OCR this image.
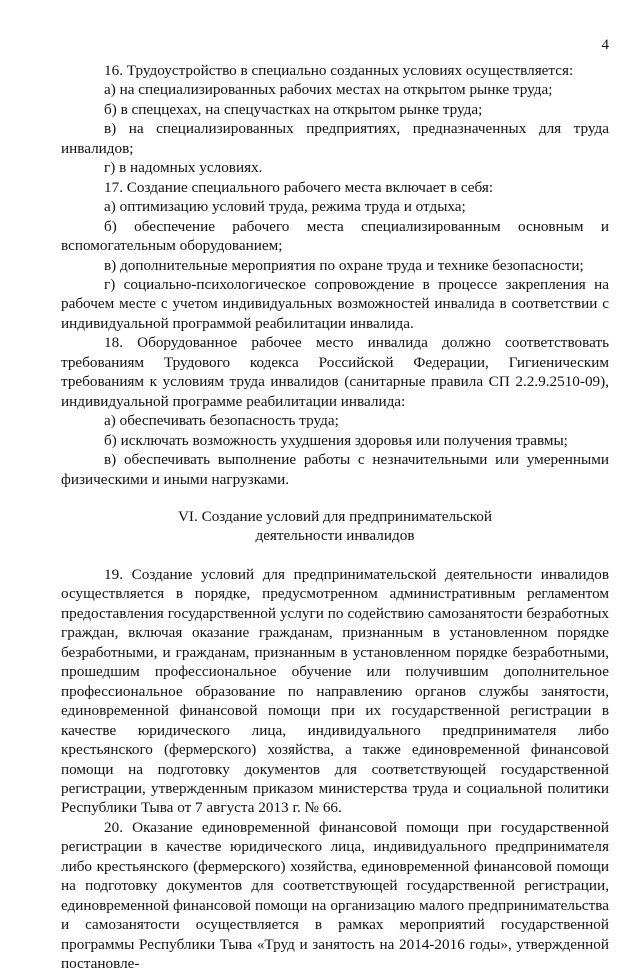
4

16. Трудоустройство в специально созданных условиях осуществляется:

а) на специализированных рабочих местах на открытом рынке труда;

б) в спеццехах, на спецучастках на открытом рынке труда;

в) на специализированных предприятиях, предназначенных для труда инвалидов;

г) в надомных условиях.

17. Создание специального рабочего места включает в себя:

а) оптимизацию условий труда, режима труда и отдыха;

б) обеспечение рабочего места специализированным основным и вспомогательным оборудованием;

в) дополнительные мероприятия по охране труда и технике безопасности;

г) социально-психологическое сопровождение в процессе закрепления на рабочем месте с учетом индивидуальных возможностей инвалида в соответствии с индивидуальной программой реабилитации инвалида.

18. Оборудованное рабочее место инвалида должно соответствовать требованиям Трудового кодекса Российской Федерации, Гигиеническим требованиям к условиям труда инвалидов (санитарные правила СП 2.2.9.2510-09), индивидуальной программе реабилитации инвалида:

а) обеспечивать безопасность труда;

б) исключать возможность ухудшения здоровья или получения травмы;

в) обеспечивать выполнение работы с незначительными или умеренными физическими и иными нагрузками.

VI. Создание условий для предпринимательской
деятельности инвалидов

19. Создание условий для предпринимательской деятельности инвалидов осуществляется в порядке, предусмотренном административным регламентом предоставления государственной услуги по содействию самозанятости безработных граждан, включая оказание гражданам, признанным в установленном порядке безработными, и гражданам, признанным в установленном порядке безработными, прошедшим профессиональное обучение или получившим дополнительное профессиональное образование по направлению органов службы занятости, единовременной финансовой помощи при их государственной регистрации в качестве юридического лица, индивидуального предпринимателя либо крестьянского (фермерского) хозяйства, а также единовременной финансовой помощи на подготовку документов для соответствующей государственной регистрации, утвержденным приказом министерства труда и социальной политики Республики Тыва от 7 августа 2013 г. № 66.

20. Оказание единовременной финансовой помощи при государственной регистрации в качестве юридического лица, индивидуального предпринимателя либо крестьянского (фермерского) хозяйства, единовременной финансовой помощи на подготовку документов для соответствующей государственной регистрации, единовременной финансовой помощи на организацию малого предпринимательства и самозанятости осуществляется в рамках мероприятий государственной программы Республики Тыва «Труд и занятость на 2014-2016 годы», утвержденной постановле-
